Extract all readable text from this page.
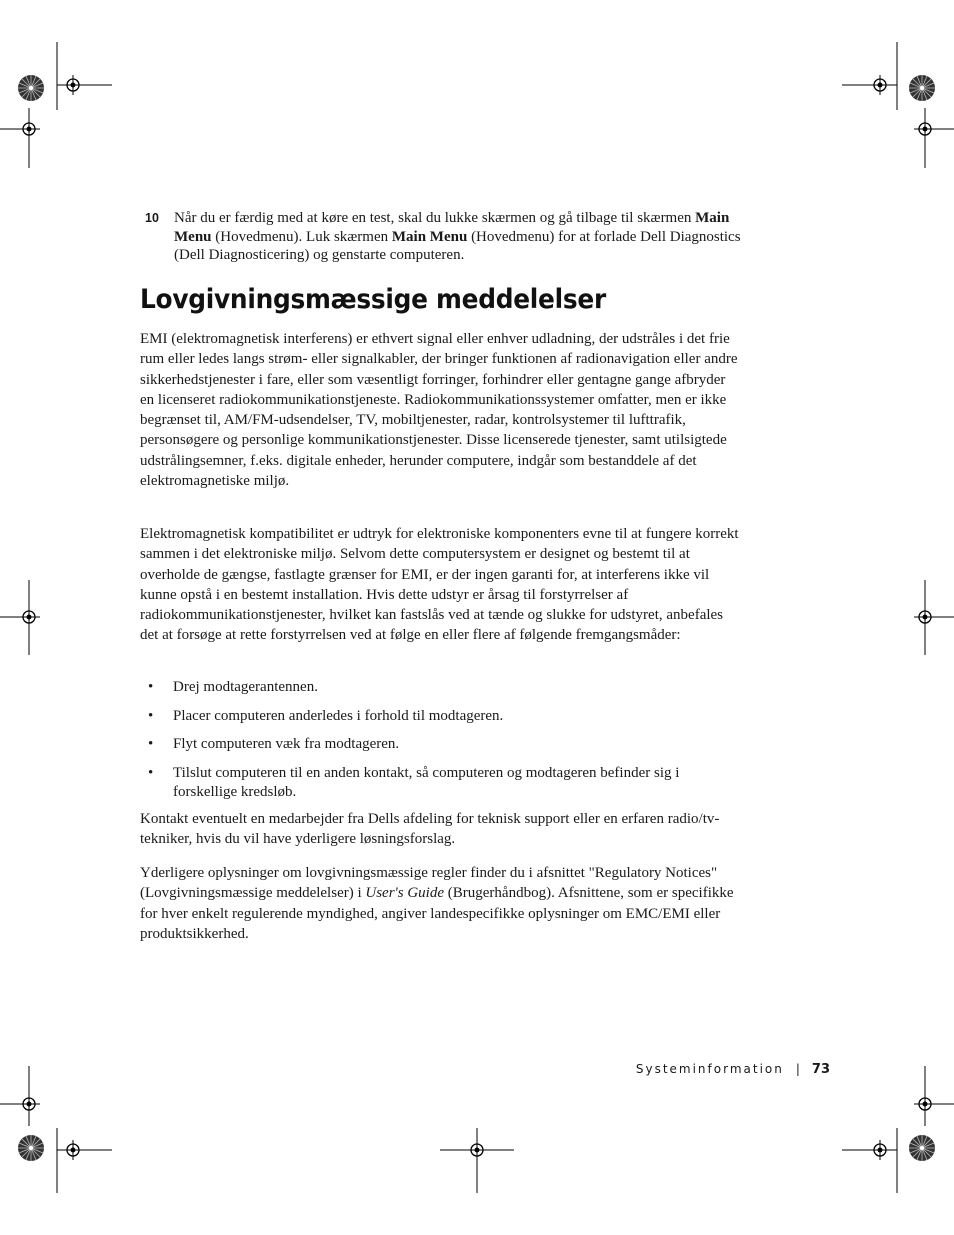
10 Når du er færdig med at køre en test, skal du lukke skærmen og gå tilbage til skærmen Main Menu (Hovedmenu). Luk skærmen Main Menu (Hovedmenu) for at forlade Dell Diagnostics (Dell Diagnosticering) og genstarte computeren.
Lovgivningsmæssige meddelelser

EMI (elektromagnetisk interferens) er ethvert signal eller enhver udladning, der udstråles i det frie rum eller ledes langs strøm- eller signalkabler, der bringer funktionen af radionavigation eller andre sikkerhedstjenester i fare, eller som væsentligt forringer, forhindrer eller gentagne gange afbryder en licenseret radiokommunikationstjeneste. Radiokommunikationssystemer omfatter, men er ikke begrænset til, AM/FM-udsendelser, TV, mobiltjenester, radar, kontrolsystemer til lufttrafik, personsøgere og personlige kommunikationstjenester. Disse licenserede tjenester, samt utilsigtede udstrålingsemner, f.eks. digitale enheder, herunder computere, indgår som bestanddele af det elektromagnetiske miljø.

Elektromagnetisk kompatibilitet er udtryk for elektroniske komponenters evne til at fungere korrekt sammen i det elektroniske miljø. Selvom dette computersystem er designet og bestemt til at overholde de gængse, fastlagte grænser for EMI, er der ingen garanti for, at interferens ikke vil kunne opstå i en bestemt installation. Hvis dette udstyr er årsag til forstyrrelser af radiokommunikationstjenester, hvilket kan fastslås ved at tænde og slukke for udstyret, anbefales det at forsøge at rette forstyrrelsen ved at følge en eller flere af følgende fremgangsmåder:

• Drej modtagerantennen.
• Placer computeren anderledes i forhold til modtageren.
• Flyt computeren væk fra modtageren.
• Tilslut computeren til en anden kontakt, så computeren og modtageren befinder sig i forskellige kredsløb.

Kontakt eventuelt en medarbejder fra Dells afdeling for teknisk support eller en erfaren radio/tv-tekniker, hvis du vil have yderligere løsningsforslag.

Yderligere oplysninger om lovgivningsmæssige regler finder du i afsnittet "Regulatory Notices" (Lovgivningsmæssige meddelelser) i User's Guide (Brugerhåndbog). Afsnittene, som er specifikke for hver enkelt regulerende myndighed, angiver landespecifikke oplysninger om EMC/EMI eller produktsikkerhed.

Systeminformation | 73
